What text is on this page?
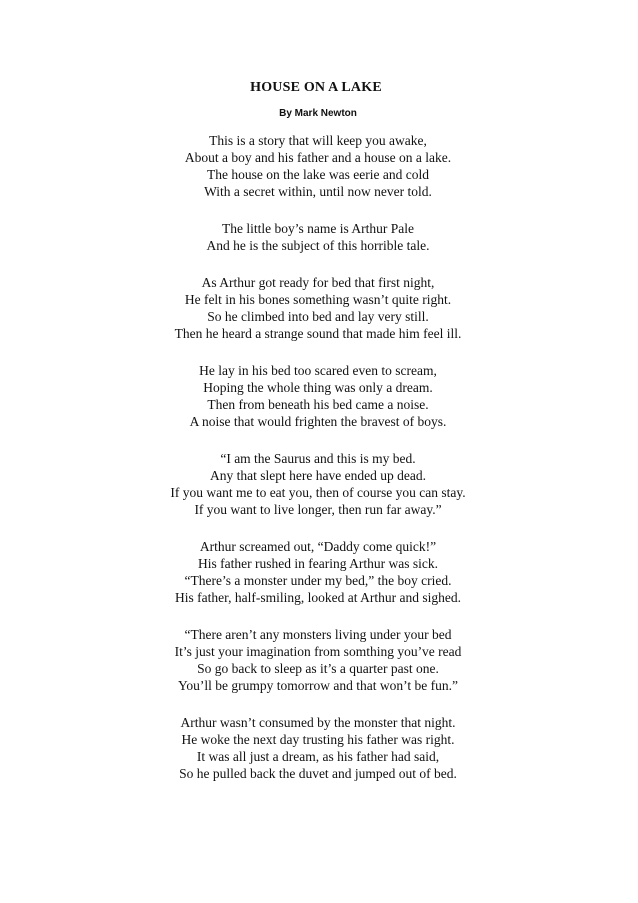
HOUSE ON A LAKE
By Mark Newton
This is a story that will keep you awake,
About a boy and his father and a house on a lake.
The house on the lake was eerie and cold
With a secret within, until now never told.
The little boy’s name is Arthur Pale
And he is the subject of this horrible tale.
As Arthur got ready for bed that first night,
He felt in his bones something wasn’t quite right.
So he climbed into bed and lay very still.
Then he heard a strange sound that made him feel ill.
He lay in his bed too scared even to scream,
Hoping the whole thing was only a dream.
Then from beneath his bed came a noise.
A noise that would frighten the bravest of boys.
“I am the Saurus and this is my bed.
Any that slept here have ended up dead.
If you want me to eat you, then of course you can stay.
If you want to live longer, then run far away.”
Arthur screamed out, “Daddy come quick!”
His father rushed in fearing Arthur was sick.
“There’s a monster under my bed,” the boy cried.
His father, half-smiling, looked at Arthur and sighed.
“There aren’t any monsters living under your bed
It’s just your imagination from somthing you’ve read
So go back to sleep as it’s a quarter past one.
You’ll be grumpy tomorrow and that won’t be fun.”
Arthur wasn’t consumed by the monster that night.
He woke the next day trusting his father was right.
It was all just a dream, as his father had said,
So he pulled back the duvet and jumped out of bed.
